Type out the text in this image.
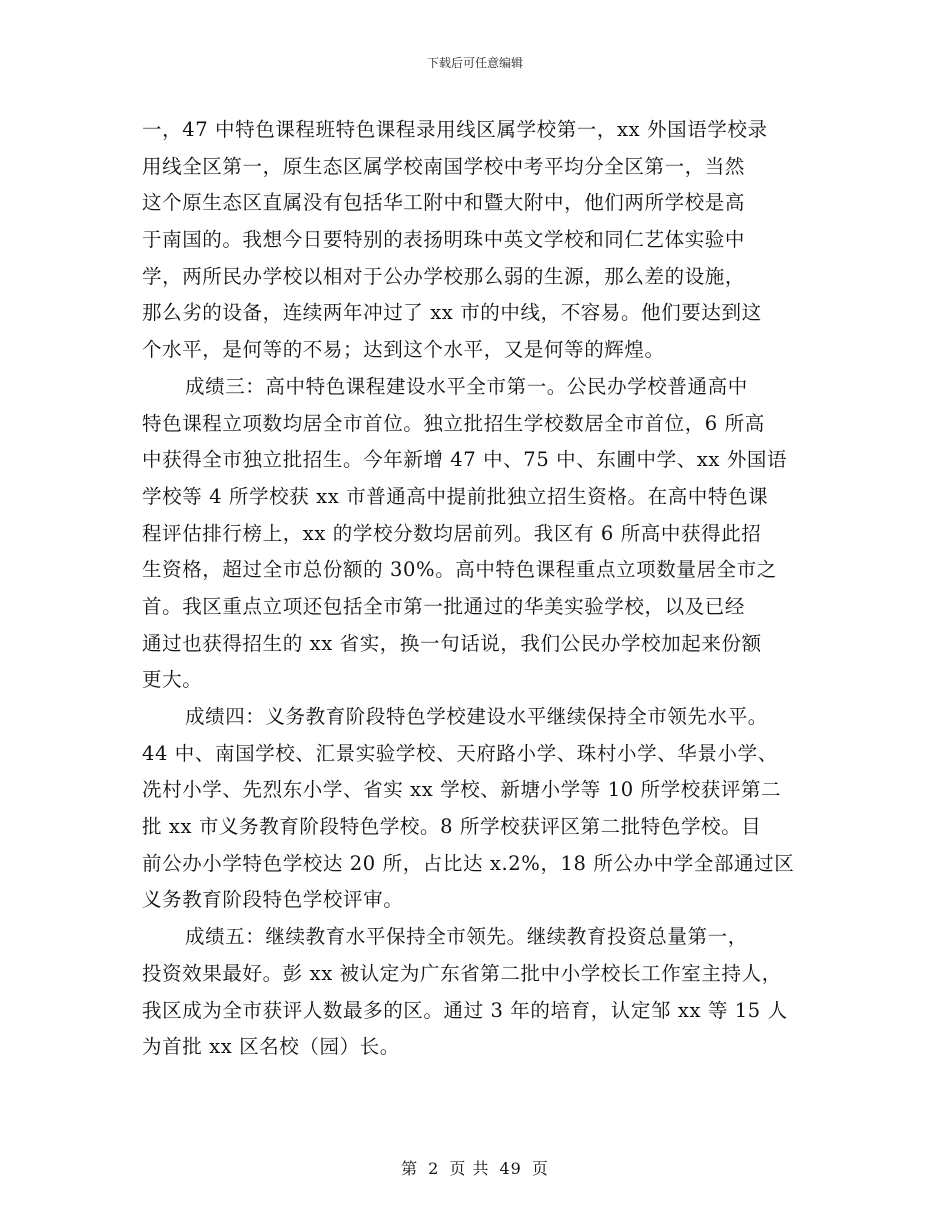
下载后可任意编辑
一，47 中特色课程班特色课程录用线区属学校第一，xx 外国语学校录
用线全区第一，原生态区属学校南国学校中考平均分全区第一，当然
这个原生态区直属没有包括华工附中和暨大附中，他们两所学校是高
于南国的。我想今日要特别的表扬明珠中英文学校和同仁艺体实验中
学，两所民办学校以相对于公办学校那么弱的生源，那么差的设施，
那么劣的设备，连续两年冲过了 xx 市的中线，不容易。他们要达到这
个水平，是何等的不易；达到这个水平，又是何等的辉煌。
成绩三：高中特色课程建设水平全市第一。公民办学校普通高中
特色课程立项数均居全市首位。独立批招生学校数居全市首位，6 所高
中获得全市独立批招生。今年新增 47 中、75 中、东圃中学、xx 外国语
学校等 4 所学校获 xx 市普通高中提前批独立招生资格。在高中特色课
程评估排行榜上，xx 的学校分数均居前列。我区有 6 所高中获得此招
生资格，超过全市总份额的 30%。高中特色课程重点立项数量居全市之
首。我区重点立项还包括全市第一批通过的华美实验学校，以及已经
通过也获得招生的 xx 省实，换一句话说，我们公民办学校加起来份额
更大。
成绩四：义务教育阶段特色学校建设水平继续保持全市领先水平。
44 中、南国学校、汇景实验学校、天府路小学、珠村小学、华景小学、
冼村小学、先烈东小学、省实 xx 学校、新塘小学等 10 所学校获评第二
批 xx 市义务教育阶段特色学校。8 所学校获评区第二批特色学校。目
前公办小学特色学校达 20 所，占比达 x.2%，18 所公办中学全部通过区
义务教育阶段特色学校评审。
成绩五：继续教育水平保持全市领先。继续教育投资总量第一，
投资效果最好。彭 xx 被认定为广东省第二批中小学校长工作室主持人，
我区成为全市获评人数最多的区。通过 3 年的培育，认定邹 xx 等 15 人
为首批 xx 区名校（园）长。
第 2 页 共 49 页
